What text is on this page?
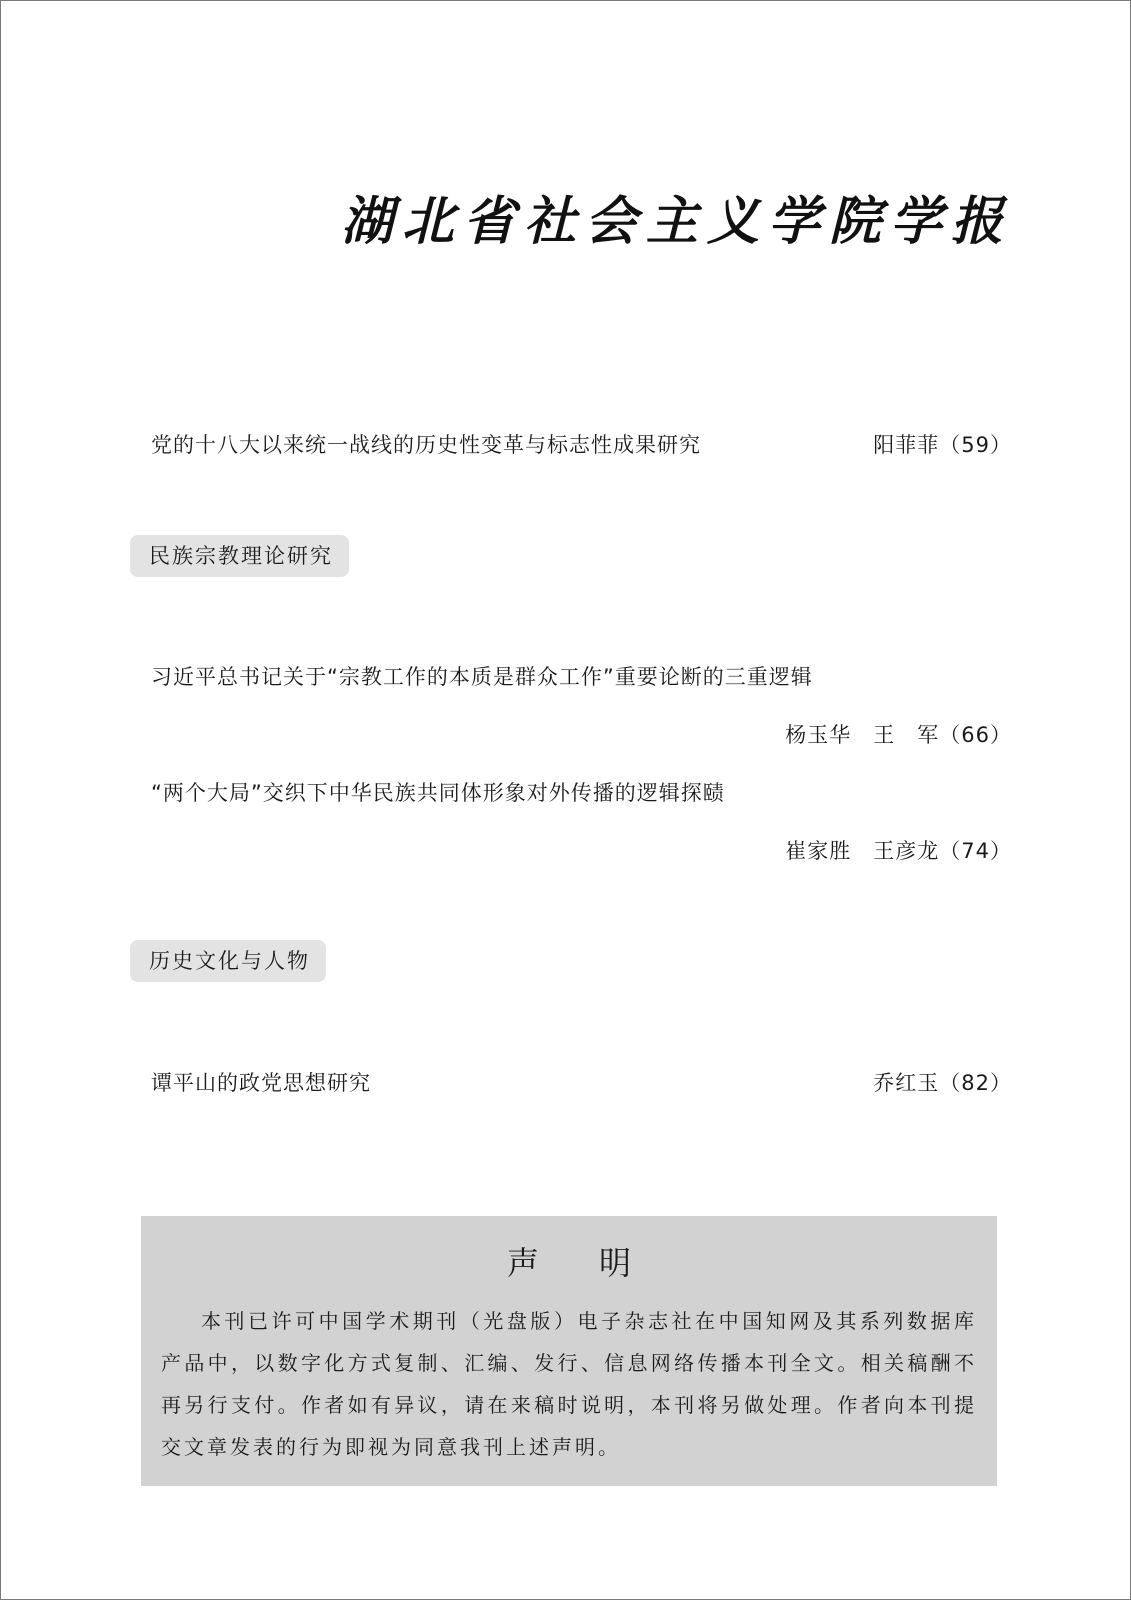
湖北省社会主义学院学报
党的十八大以来统一战线的历史性变革与标志性成果研究	阳菲菲（59）
民族宗教理论研究
习近平总书记关于“宗教工作的本质是群众工作”重要论断的三重逻辑
杨玉华　王　军 （66）
“两个大局”交织下中华民族共同体形象对外传播的逻辑探赜
崔家胜　王彦龙 （74）
历史文化与人物
谭平山的政党思想研究	乔红玉（82）
声明

本刊已许可中国学术期刊（光盘版）电子杂志社在中国知网及其系列数据库产品中，以数字化方式复制、汇编、发行、信息网络传播本刊全文。相关稿酬不再另行支付。作者如有异议，请在来稿时说明，本刊将另做处理。作者向本刊提交文章发表的行为即视为同意我刊上述声明。
